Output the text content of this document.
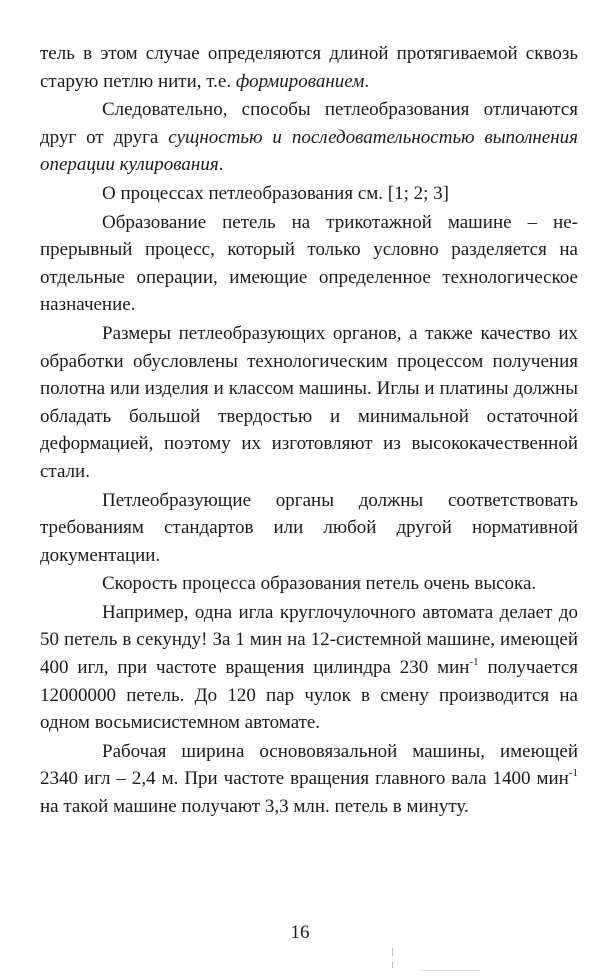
тель в этом случае определяются длиной протягиваемой сквозь старую петлю нити, т.е. формированием.

Следовательно, способы петлеобразования отличаются друг от друга сущностью и последовательностью выполнения операции кулирования.

О процессах петлеобразования см. [1; 2; 3]

Образование петель на трикотажной машине – непрерывный процесс, который только условно разделяется на отдельные операции, имеющие определенное технологическое назначение.

Размеры петлеобразующих органов, а также качество их обработки обусловлены технологическим процессом получения полотна или изделия и классом машины. Иглы и платины должны обладать большой твердостью и минимальной остаточной деформацией, поэтому их изготовляют из высококачественной стали.

Петлеобразующие органы должны соответствовать требованиям стандартов или любой другой нормативной документации.

Скорость процесса образования петель очень высока.

Например, одна игла круглочулочного автомата делает до 50 петель в секунду! За 1 мин на 12-системной машине, имеющей 400 игл, при частоте вращения цилиндра 230 мин$^{-1}$ получается 12000000 петель. До 120 пар чулок в смену производится на одном восьмисистемном автомате.

Рабочая ширина основовязальной машины, имеющей 2340 игл – 2,4 м. При частоте вращения главного вала 1400 мин$^{-1}$ на такой машине получают 3,3 млн. петель в минуту.

16
